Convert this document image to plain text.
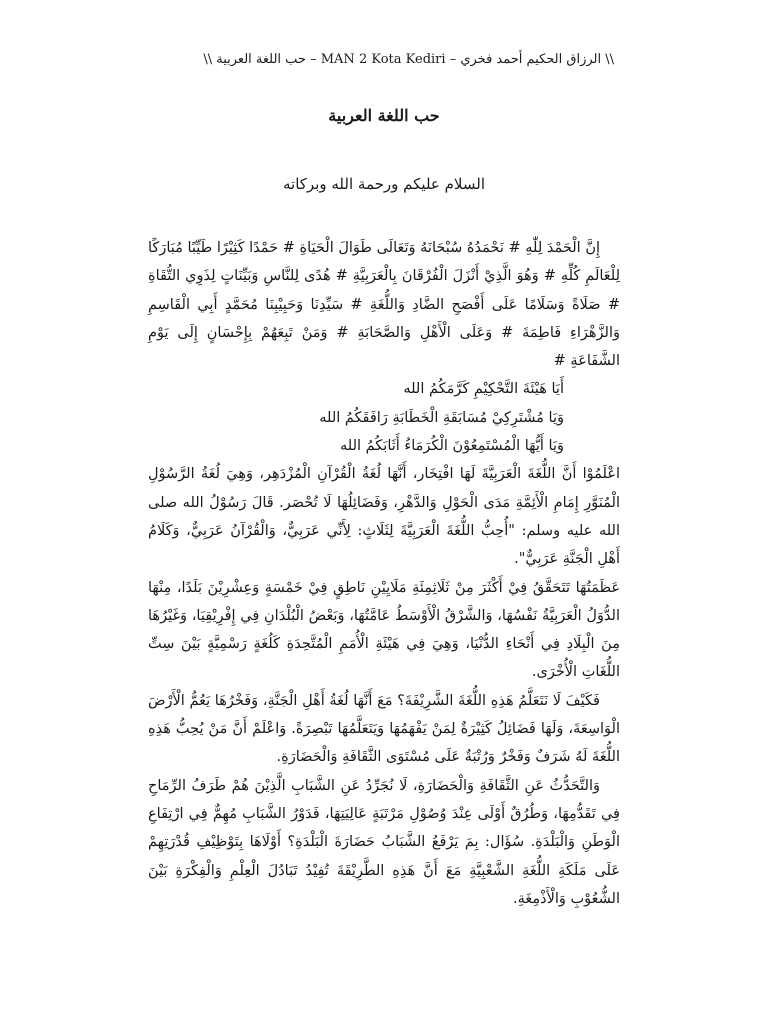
\\ الرزاق الحكيم أحمد فخري – MAN 2 Kota Kediri – حب اللغة العربية \\
حب اللغة العربية
السلام عليكم ورحمة الله وبركاته

إِنَّ الْحَمْدَ لِلّٰهِ # نَحْمَدُهُ سُبْحَانَهُ وَتَعَالَى طَوَالَ الْحَيَاةِ # حَمْدًا كَثِيْرًا طَيِّبًا مُبَارَكًا لِلْعَالَمِ كُلِّهِ # وَهُوَ الَّذِيْ أَنْزَلَ الْفُرْقَانَ بِالْعَرَبِيَّةِ # هُدًى لِلنَّاسِ وَبَيِّنَاتٍ لِذَوِي التُّقَاةِ # صَلَاةً وَسَلَامًا عَلَى أَفْصَحِ الضَّادِ وَاللُّغَةِ # سَيِّدِنَا وَحَبِيْبِنَا مُحَمَّدٍ أَبِي الْقَاسِمِ وَالزَّهْرَاءِ فَاطِمَةَ # وَعَلَى الْأَهْلِ وَالصَّحَابَةِ # وَمَنْ تَبِعَهُمْ بِإِحْسَانٍ إِلَى يَوْمِ الشَّفَاعَةِ #

أَيَا هَيْئَةَ التَّحْكِيْمِ كَرَّمَكُمُ الله

وَيَا مُشْتَرِكِيْ مُسَابَقَةِ الْخَطَابَةِ رَافَقَكُمُ الله

وَيَا أَيُّهَا الْمُسْتَمِعُوْنَ الْكُرَمَاءُ أَثَابَكُمُ الله

اعْلَمُوْا أَنَّ اللُّغَةَ الْعَرَبِيَّةَ لَهَا افْتِخَار، أَنَّهَا لُغَةُ الْقُرْآنِ الْمُزْدَهِر، وَهِيَ لُغَةُ الرَّسُوْلِ الْمُنَوَّرِ إِمَامِ الْأَئِمَّةِ مَدَى الْحَوْلِ وَالدَّهْرِ، وَفَضَائِلُهَا لَا تُحْصَر. قَالَ رَسُوْلُ الله صلى الله عليه وسلم: "أُحِبُّ اللُّغَةَ الْعَرَبِيَّةَ لِثَلَاثٍ: لِأَنِّي عَرَبِيٌّ، وَالْقُرْآنُ عَرَبِيٌّ، وَكَلَامُ أَهْلِ الْجَنَّةِ عَرَبِيٌّ".

عَظَمَتُهَا تَتَحَقَّقُ فِيْ أَكْثَرَ مِنْ ثَلَاثِمِئَةِ مَلَايِيْنِ نَاطِقٍ فِيْ خَمْسَةٍ وَعِشْرِيْنَ بَلَدًا، مِنْهَا الدُّوَلُ الْعَرَبِيَّةُ نَفْسُهَا، وَالشَّرْقُ الْأَوْسَطُ عَامَّتُهَا، وَبَعْضُ الْبُلْدَانِ فِي إِفْرِيْقِيَا، وَغَيْرُهَا مِنَ الْبِلَادِ فِي أَنْحَاءِ الدُّنْيَا، وَهِيَ فِي هَيْئَةِ الْأُمَمِ الْمُتَّحِدَةِ كَلُغَةٍ رَسْمِيَّةٍ بَيْنَ سِتِّ اللُّغَاتِ الْأُخْرَى.

فَكَيْفَ لَا نَتَعَلَّمُ هَذِهِ اللُّغَةَ الشَّرِيْفَةَ؟ مَعَ أَنَّهَا لُغَةُ أَهْلِ الْجَنَّةِ، وَفَخْرُهَا يَعُمُّ الْأَرْضَ الْوَاسِعَةَ، وَلَهَا فَضَائِلُ كَثِيْرَةٌ لِمَنْ يَفْهَمُهَا وَيَتَعَلَّمُهَا تَبْصِرَةً. وَاعْلَمْ أَنَّ مَنْ يُحِبُّ هَذِهِ اللُّغَةَ لَهُ شَرَفٌ وَفَخْرٌ وَرُتْبَةٌ عَلَى مُسْتَوَى الثَّقَافَةِ وَالْحَضَارَةِ.

وَالتَّحَدُّثُ عَنِ الثَّقَافَةِ وَالْحَضَارَةِ، لَا نُجَرِّدُ عَنِ الشَّبَابِ الَّذِيْنَ هُمْ طَرَفُ الرِّمَاحِ فِي تَقَدُّمِهَا، وَطُرُقٌ أَوْلَى عِنْدَ وُصُوْلِ مَرْتَبَةٍ عَالِيَتِهَا، فَدَوْرُ الشَّبَابِ مُهِمٌّ فِي ارْتِفَاعِ الْوَطَنِ وَالْبَلْدَةِ. سُؤَال: بِمَ يَرْفَعُ الشَّبَابُ حَضَارَةَ الْبَلْدَةِ؟ أَوْلَاهَا بِتَوْظِيْفِ قُدْرَتِهِمْ عَلَى مَلَكَةِ اللُّغَةِ الشَّعْبِيَّةِ مَعَ أَنَّ هَذِهِ الطَّرِيْقَةَ تُفِيْدُ تَبَادُلَ الْعِلْمِ وَالْفِكْرَةِ بَيْنَ الشُّعُوْبِ وَالْأَذْمِغَةِ.
